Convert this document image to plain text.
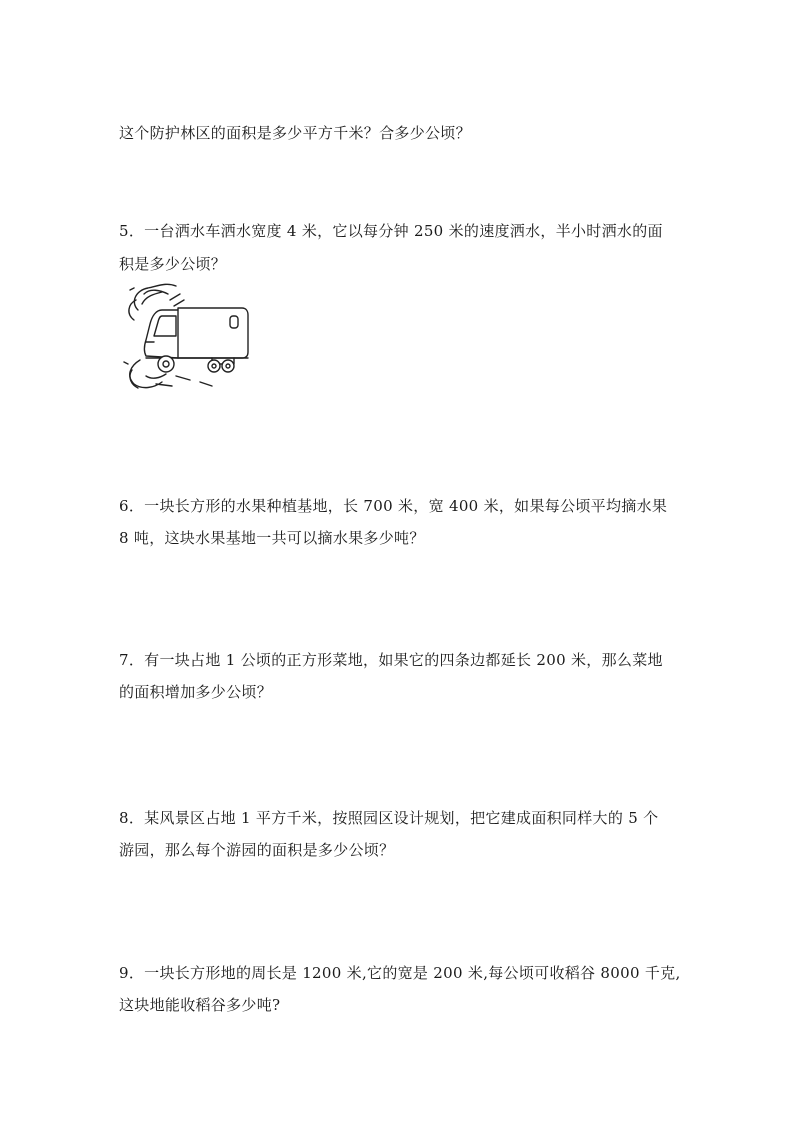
这个防护林区的面积是多少平方千米？合多少公顷？
5．一台洒水车洒水宽度 4 米，它以每分钟 250 米的速度洒水，半小时洒水的面
积是多少公顷？
6．一块长方形的水果种植基地，长 700 米，宽 400 米，如果每公顷平均摘水果
8 吨，这块水果基地一共可以摘水果多少吨？
7．有一块占地 1 公顷的正方形菜地，如果它的四条边都延长 200 米，那么菜地
的面积增加多少公顷？
8．某风景区占地 1 平方千米，按照园区设计规划，把它建成面积同样大的 5 个
游园，那么每个游园的面积是多少公顷？
9．一块长方形地的周长是 1200 米,它的宽是 200 米,每公顷可收稻谷 8000 千克,
这块地能收稻谷多少吨?
